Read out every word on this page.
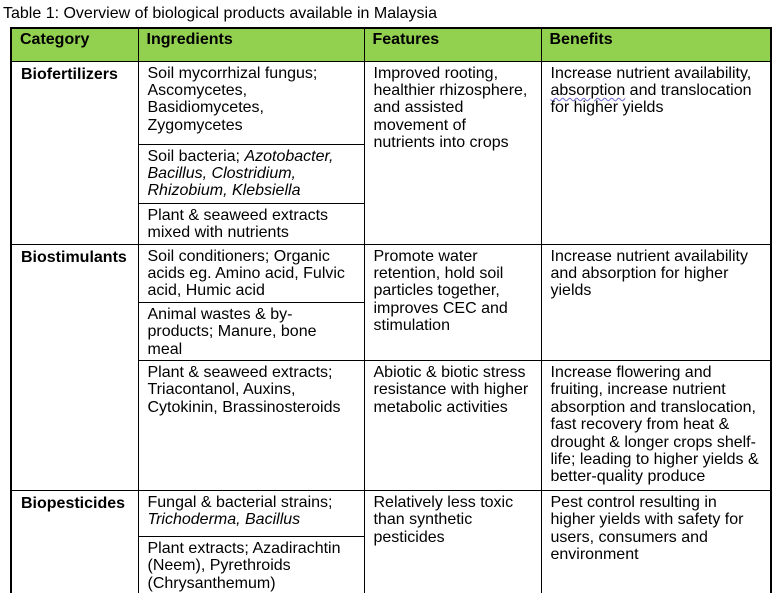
Table 1: Overview of biological products available in Malaysia
Category	Ingredients	Features	Benefits
Biofertilizers	Soil mycorrhizal fungus; Ascomycetes, Basidiomycetes, Zygomycetes	Improved rooting, healthier rhizosphere, and assisted movement of nutrients into crops	Increase nutrient availability, absorption and translocation for higher yields
	Soil bacteria; Azotobacter, Bacillus, Clostridium, Rhizobium, Klebsiella		
	Plant & seaweed extracts mixed with nutrients		
Biostimulants	Soil conditioners; Organic acids eg. Amino acid, Fulvic acid, Humic acid	Promote water retention, hold soil particles together, improves CEC and stimulation	Increase nutrient availability and absorption for higher yields
	Animal wastes & by-products; Manure, bone meal		
	Plant & seaweed extracts; Triacontanol, Auxins, Cytokinin, Brassinosteroids	Abiotic & biotic stress resistance with higher metabolic activities	Increase flowering and fruiting, increase nutrient absorption and translocation, fast recovery from heat & drought & longer crops shelf-life; leading to higher yields & better-quality produce
Biopesticides	Fungal & bacterial strains; Trichoderma, Bacillus	Relatively less toxic than synthetic pesticides	Pest control resulting in higher yields with safety for users, consumers and environment
	Plant extracts; Azadirachtin (Neem), Pyrethroids (Chrysanthemum)		
